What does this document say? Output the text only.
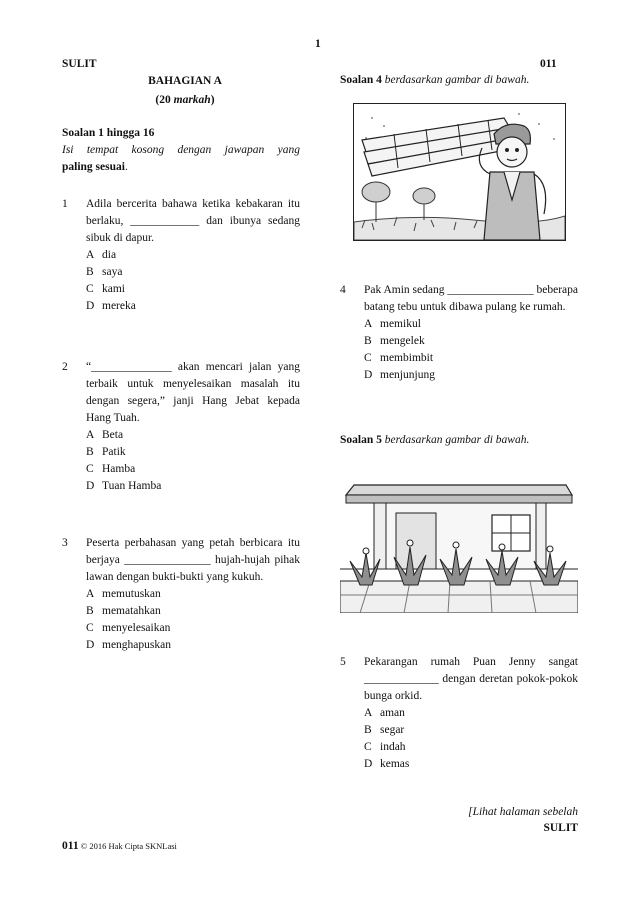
1
SULIT	011
BAHAGIAN A
(20 markah)
Soalan 1 hingga 16
Isi tempat kosong dengan jawapan yang
paling sesuai.
1 Adila bercerita bahawa ketika kebakaran itu berlaku, ____________ dan ibunya sedang sibuk di dapur.
A dia
B saya
C kami
D mereka
2 “______________ akan mencari jalan yang terbaik untuk menyelesaikan masalah itu dengan segera,” janji Hang Jebat kepada Hang Tuah.
A Beta
B Patik
C Hamba
D Tuan Hamba
3 Peserta perbahasan yang petah berbicara itu berjaya _______________ hujah-hujah pihak lawan dengan bukti-bukti yang kukuh.
A memutuskan
B mematahkan
C menyelesaikan
D menghapuskan
Soalan 4 berdasarkan gambar di bawah.
4 Pak Amin sedang _______________ beberapa batang tebu untuk dibawa pulang ke rumah.
A memikul
B mengelek
C membimbit
D menjunjung
Soalan 5 berdasarkan gambar di bawah.
5 Pekarangan rumah Puan Jenny sangat _____________ dengan deretan pokok-pokok bunga orkid.
A aman
B segar
C indah
D kemas
[Lihat halaman sebelah
SULIT
011 © 2016 Hak Cipta SKNLasi
